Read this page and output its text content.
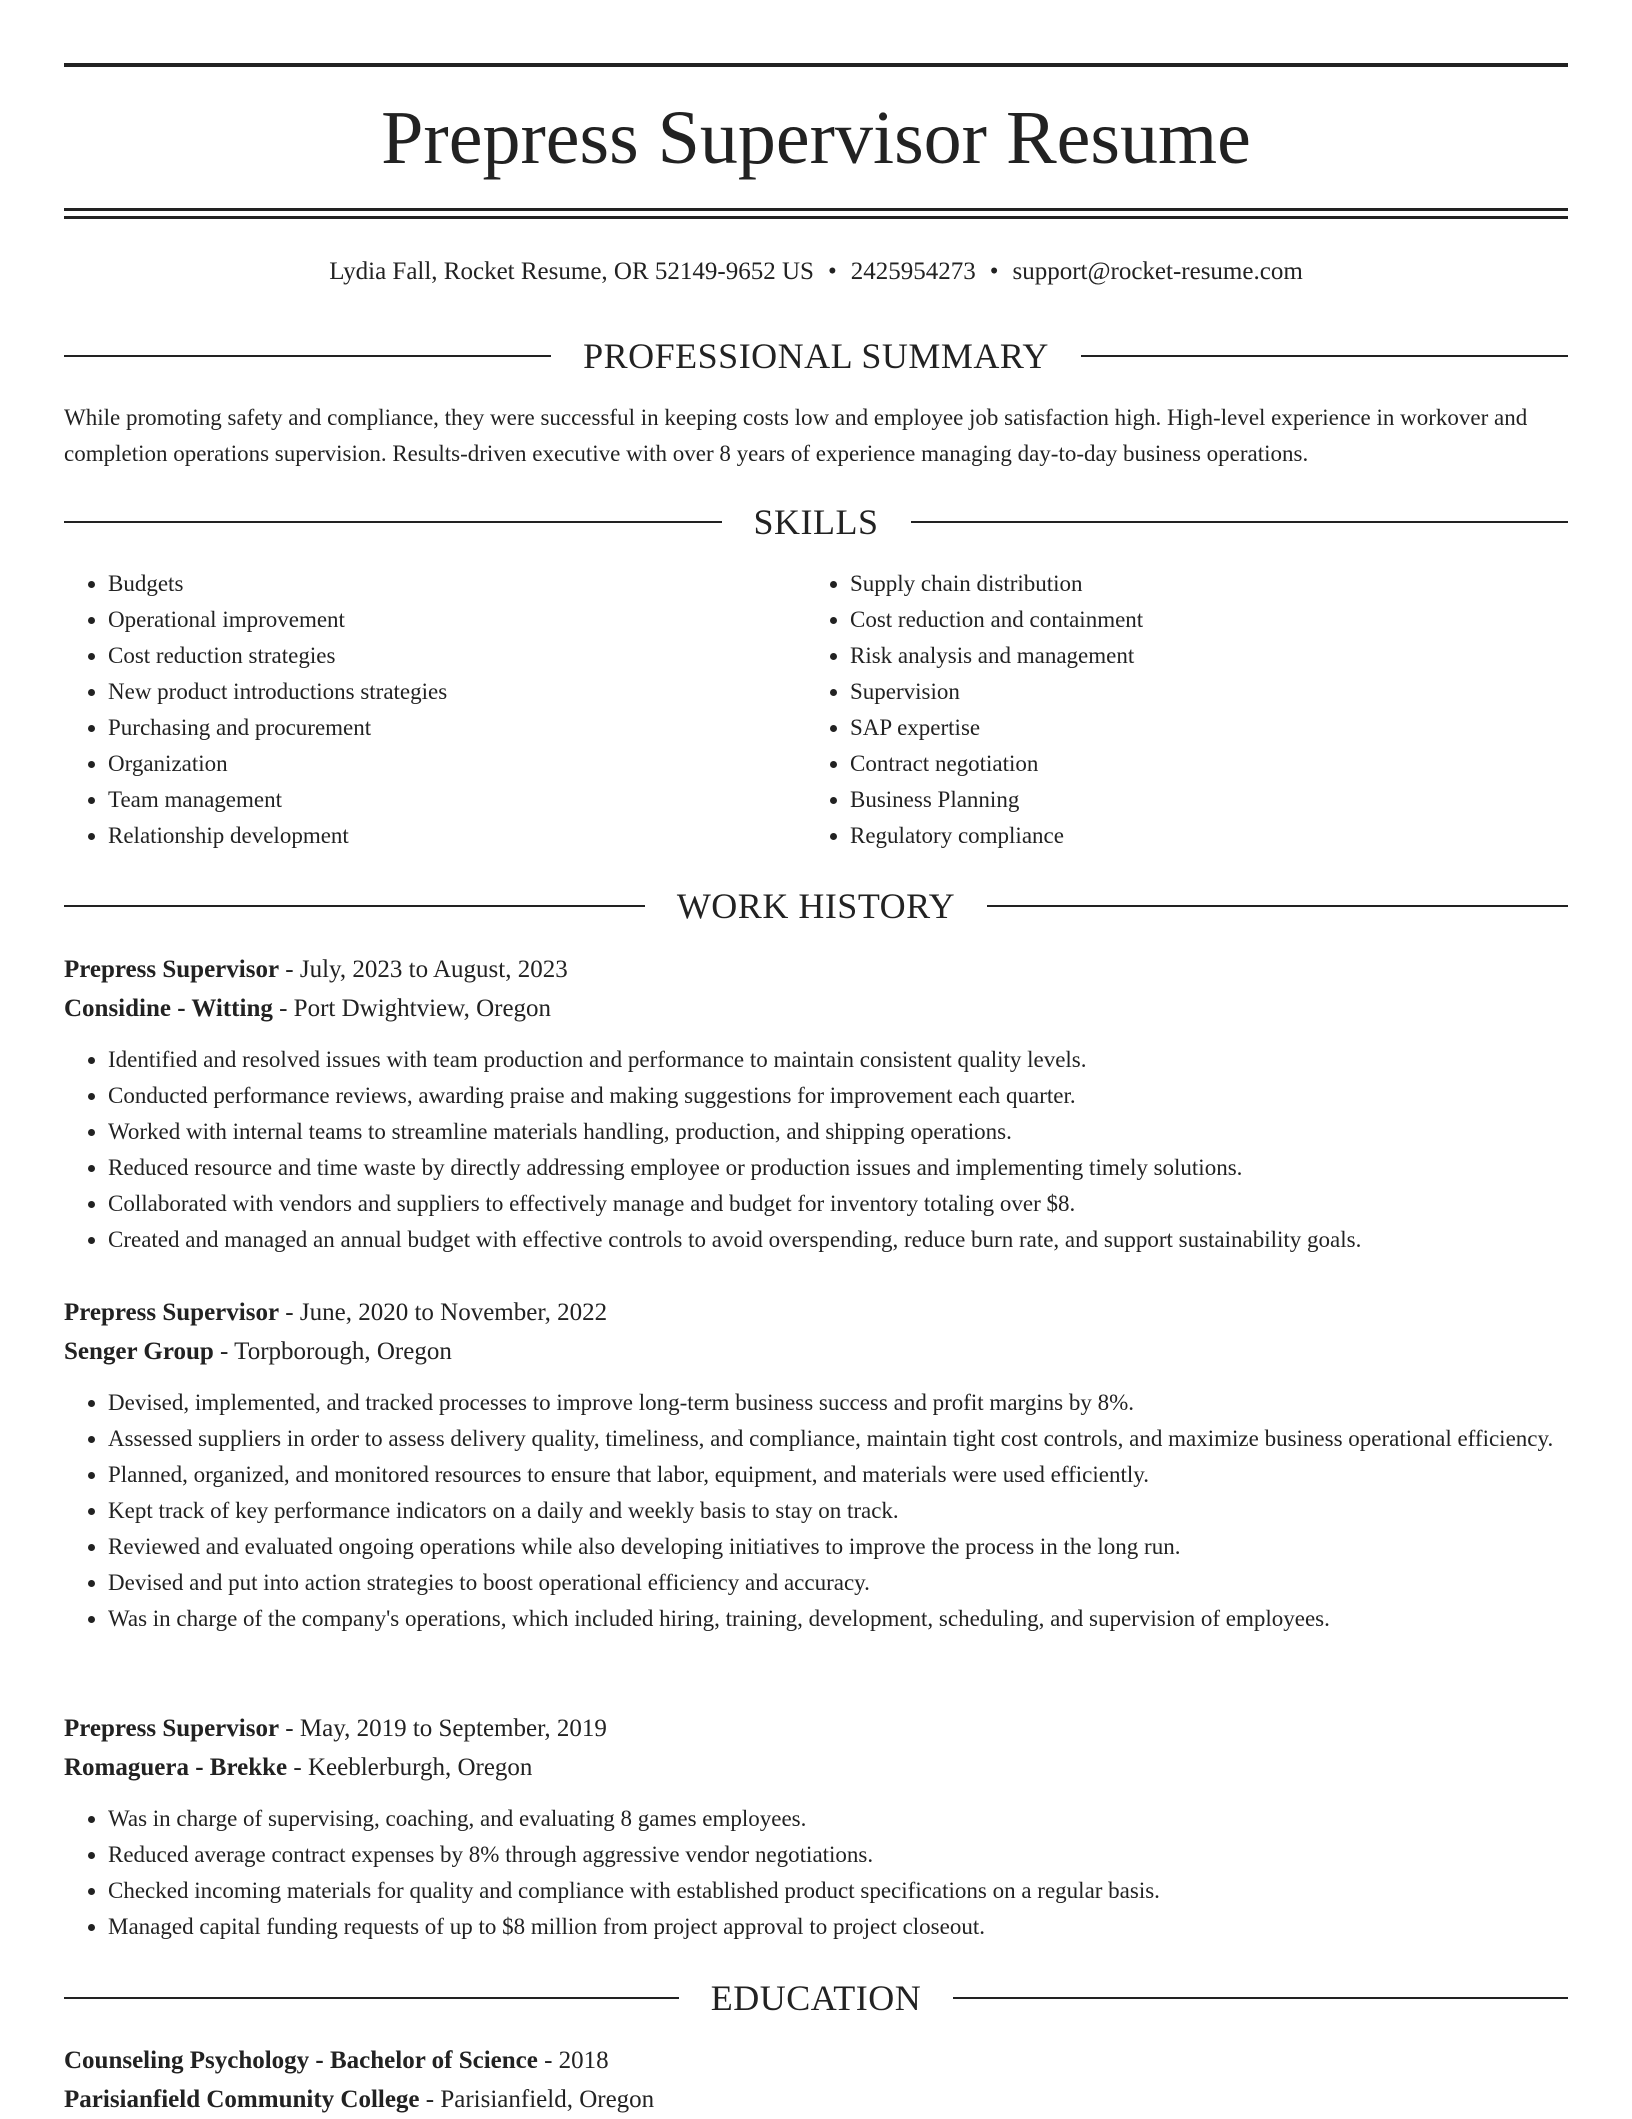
Prepress Supervisor Resume
Lydia Fall, Rocket Resume, OR 52149-9652 US • 2425954273 • support@rocket-resume.com
PROFESSIONAL SUMMARY
While promoting safety and compliance, they were successful in keeping costs low and employee job satisfaction high. High-level experience in workover and completion operations supervision. Results-driven executive with over 8 years of experience managing day-to-day business operations.
SKILLS
• Budgets
• Operational improvement
• Cost reduction strategies
• New product introductions strategies
• Purchasing and procurement
• Organization
• Team management
• Relationship development
• Supply chain distribution
• Cost reduction and containment
• Risk analysis and management
• Supervision
• SAP expertise
• Contract negotiation
• Business Planning
• Regulatory compliance
WORK HISTORY
Prepress Supervisor - July, 2023 to August, 2023
Considine - Witting - Port Dwightview, Oregon
• Identified and resolved issues with team production and performance to maintain consistent quality levels.
• Conducted performance reviews, awarding praise and making suggestions for improvement each quarter.
• Worked with internal teams to streamline materials handling, production, and shipping operations.
• Reduced resource and time waste by directly addressing employee or production issues and implementing timely solutions.
• Collaborated with vendors and suppliers to effectively manage and budget for inventory totaling over $8.
• Created and managed an annual budget with effective controls to avoid overspending, reduce burn rate, and support sustainability goals.
Prepress Supervisor - June, 2020 to November, 2022
Senger Group - Torpborough, Oregon
• Devised, implemented, and tracked processes to improve long-term business success and profit margins by 8%.
• Assessed suppliers in order to assess delivery quality, timeliness, and compliance, maintain tight cost controls, and maximize business operational efficiency.
• Planned, organized, and monitored resources to ensure that labor, equipment, and materials were used efficiently.
• Kept track of key performance indicators on a daily and weekly basis to stay on track.
• Reviewed and evaluated ongoing operations while also developing initiatives to improve the process in the long run.
• Devised and put into action strategies to boost operational efficiency and accuracy.
• Was in charge of the company's operations, which included hiring, training, development, scheduling, and supervision of employees.
Prepress Supervisor - May, 2019 to September, 2019
Romaguera - Brekke - Keeblerburgh, Oregon
• Was in charge of supervising, coaching, and evaluating 8 games employees.
• Reduced average contract expenses by 8% through aggressive vendor negotiations.
• Checked incoming materials for quality and compliance with established product specifications on a regular basis.
• Managed capital funding requests of up to $8 million from project approval to project closeout.
EDUCATION
Counseling Psychology - Bachelor of Science - 2018
Parisianfield Community College - Parisianfield, Oregon
